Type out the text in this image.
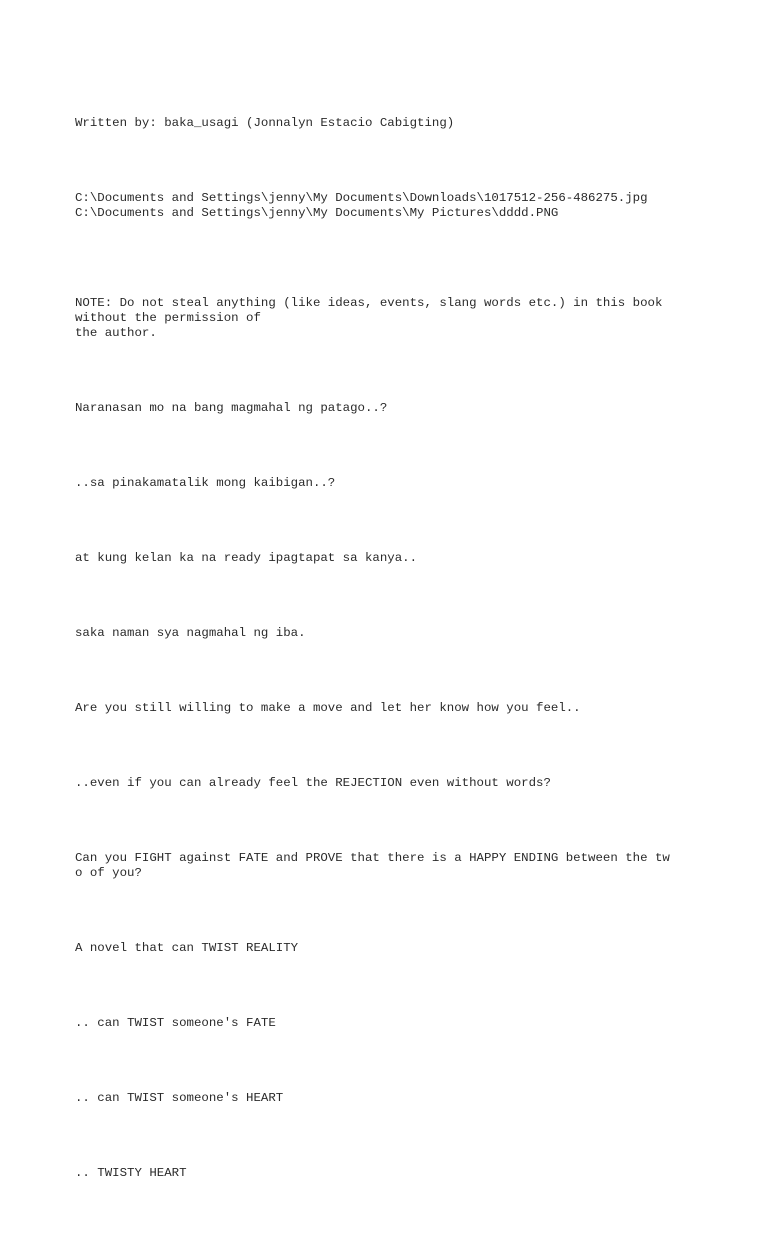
Written by: baka_usagi (Jonnalyn Estacio Cabigting)

C:\Documents and Settings\jenny\My Documents\Downloads\1017512-256-486275.jpg
C:\Documents and Settings\jenny\My Documents\My Pictures\dddd.PNG

NOTE: Do not steal anything (like ideas, events, slang words etc.) in this book
without the permission of
the author.

Naranasan mo na bang magmahal ng patago..?

..sa pinakamatalik mong kaibigan..?

at kung kelan ka na ready ipagtapat sa kanya..

saka naman sya nagmahal ng iba.

Are you still willing to make a move and let her know how you feel..

..even if you can already feel the REJECTION even without words?

Can you FIGHT against FATE and PROVE that there is a HAPPY ENDING between the tw
o of you?

A novel that can TWIST REALITY

.. can TWIST someone's FATE

.. can TWIST someone's HEART

.. TWISTY HEART
